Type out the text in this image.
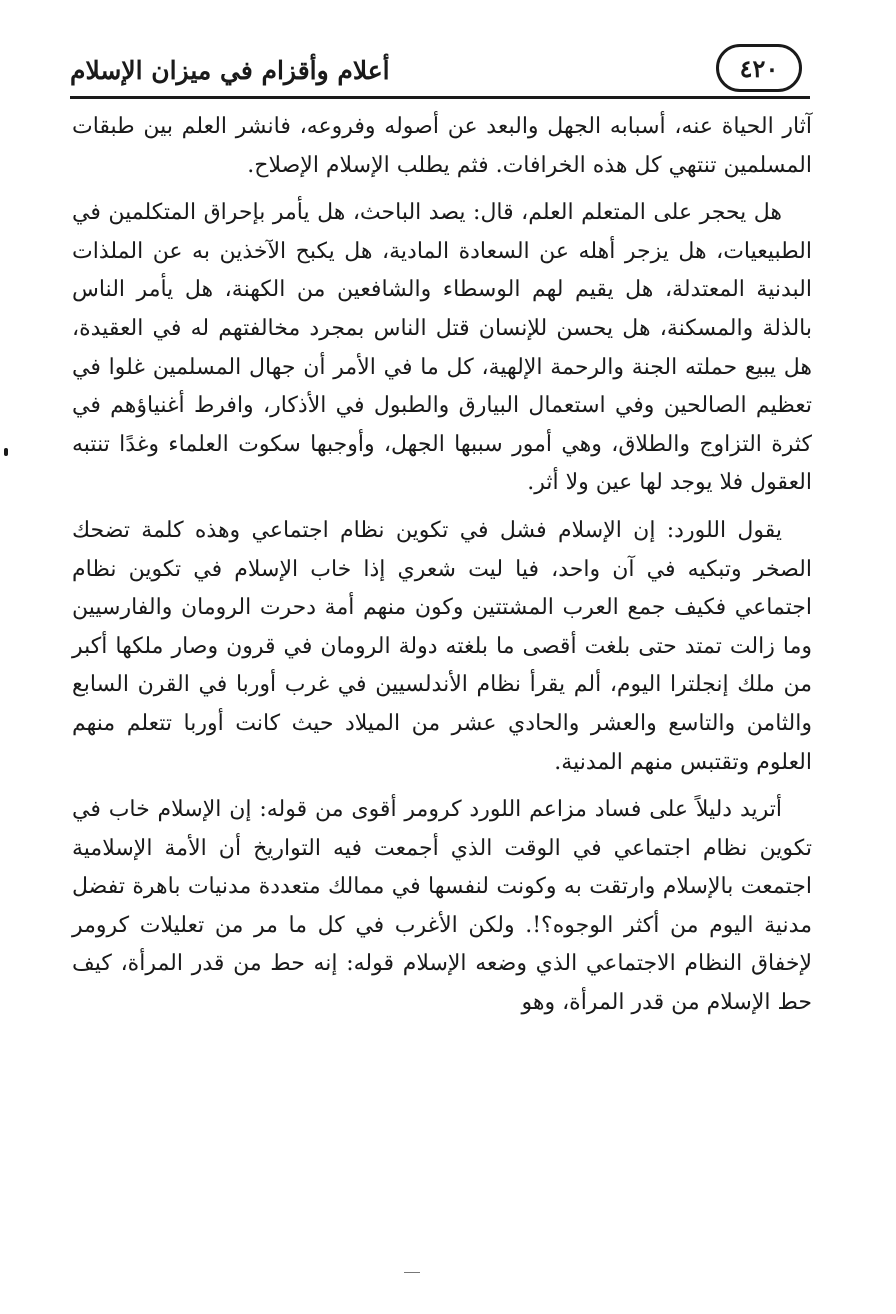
أعلام وأقزام في ميزان الإسلام	٤٢٠

آثار الحياة عنه، أسبابه الجهل والبعد عن أصوله وفروعه، فانشر العلم بين طبقات المسلمين تنتهي كل هذه الخرافات. فثم يطلب الإسلام الإصلاح.

هل يحجر على المتعلم العلم، قال: يصد الباحث، هل يأمر بإحراق المتكلمين في الطبيعيات، هل يزجر أهله عن السعادة المادية، هل يكبح الآخذين به عن الملذات البدنية المعتدلة، هل يقيم لهم الوسطاء والشافعين من الكهنة، هل يأمر الناس بالذلة والمسكنة، هل يحسن للإنسان قتل الناس بمجرد مخالفتهم له في العقيدة، هل يبيع حملته الجنة والرحمة الإلهية، كل ما في الأمر أن جهال المسلمين غلوا في تعظيم الصالحين وفي استعمال البيارق والطبول في الأذكار، وافرط أغنياؤهم في كثرة التزاوج والطلاق، وهي أمور سببها الجهل، وأوجبها سكوت العلماء وغدًا تنتبه العقول فلا يوجد لها عين ولا أثر.

يقول اللورد: إن الإسلام فشل في تكوين نظام اجتماعي وهذه كلمة تضحك الصخر وتبكيه في آن واحد، فيا ليت شعري إذا خاب الإسلام في تكوين نظام اجتماعي فكيف جمع العرب المشتتين وكون منهم أمة دحرت الرومان والفارسيين وما زالت تمتد حتى بلغت أقصى ما بلغته دولة الرومان في قرون وصار ملكها أكبر من ملك إنجلترا اليوم، ألم يقرأ نظام الأندلسيين في غرب أوربا في القرن السابع والثامن والتاسع والعشر والحادي عشر من الميلاد حيث كانت أوربا تتعلم منهم العلوم وتقتبس منهم المدنية.

أتريد دليلاً على فساد مزاعم اللورد كرومر أقوى من قوله: إن الإسلام خاب في تكوين نظام اجتماعي في الوقت الذي أجمعت فيه التواريخ أن الأمة الإسلامية اجتمعت بالإسلام وارتقت به وكونت لنفسها في ممالك متعددة مدنيات باهرة تفضل مدنية اليوم من أكثر الوجوه؟!. ولكن الأغرب في كل ما مر من تعليلات كرومر لإخفاق النظام الاجتماعي الذي وضعه الإسلام قوله: إنه حط من قدر المرأة، كيف حط الإسلام من قدر المرأة، وهو
